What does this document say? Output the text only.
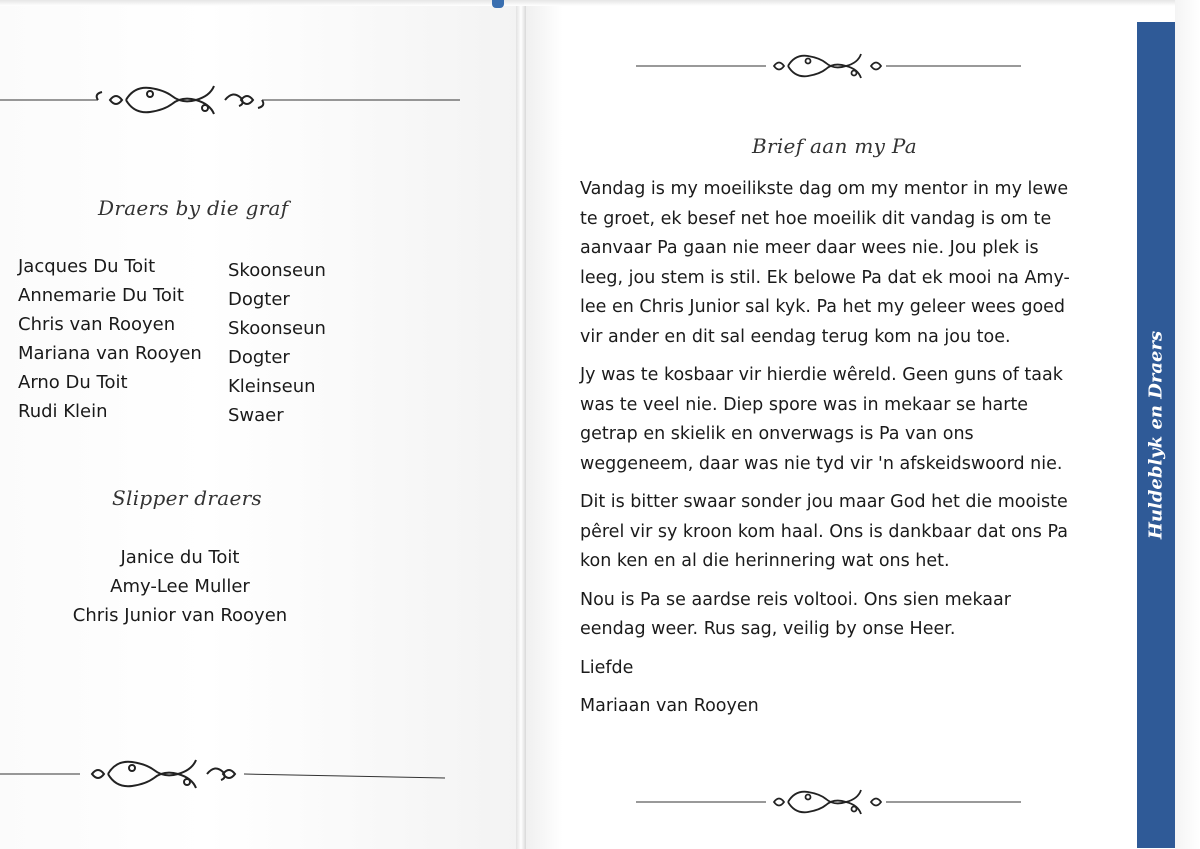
Draers by die graf
Jacques Du Toit	Skoonseun
Annemarie Du Toit	Dogter
Chris van Rooyen	Skoonseun
Mariana van Rooyen	Dogter
Arno Du Toit	Kleinseun
Rudi Klein	Swaer
Slipper draers
Janice du Toit
Amy-Lee Muller
Chris Junior van Rooyen
Brief aan my Pa

Vandag is my moeilikste dag om my mentor in my lewe te groet, ek besef net hoe moeilik dit vandag is om te aanvaar Pa gaan nie meer daar wees nie. Jou plek is leeg, jou stem is stil. Ek belowe Pa dat ek mooi na Amy-lee en Chris Junior sal kyk. Pa het my geleer wees goed vir ander en dit sal eendag terug kom na jou toe.

Jy was te kosbaar vir hierdie wêreld. Geen guns of taak was te veel nie. Diep spore was in mekaar se harte getrap en skielik en onverwags is Pa van ons weggeneem, daar was nie tyd vir 'n afskeidswoord nie.

Dit is bitter swaar sonder jou maar God het die mooiste pêrel vir sy kroon kom haal. Ons is dankbaar dat ons Pa kon ken en al die herinnering wat ons het.

Nou is Pa se aardse reis voltooi. Ons sien mekaar eendag weer. Rus sag, veilig by onse Heer.

Liefde

Mariaan van Rooyen

Huldeblyk en Draers
